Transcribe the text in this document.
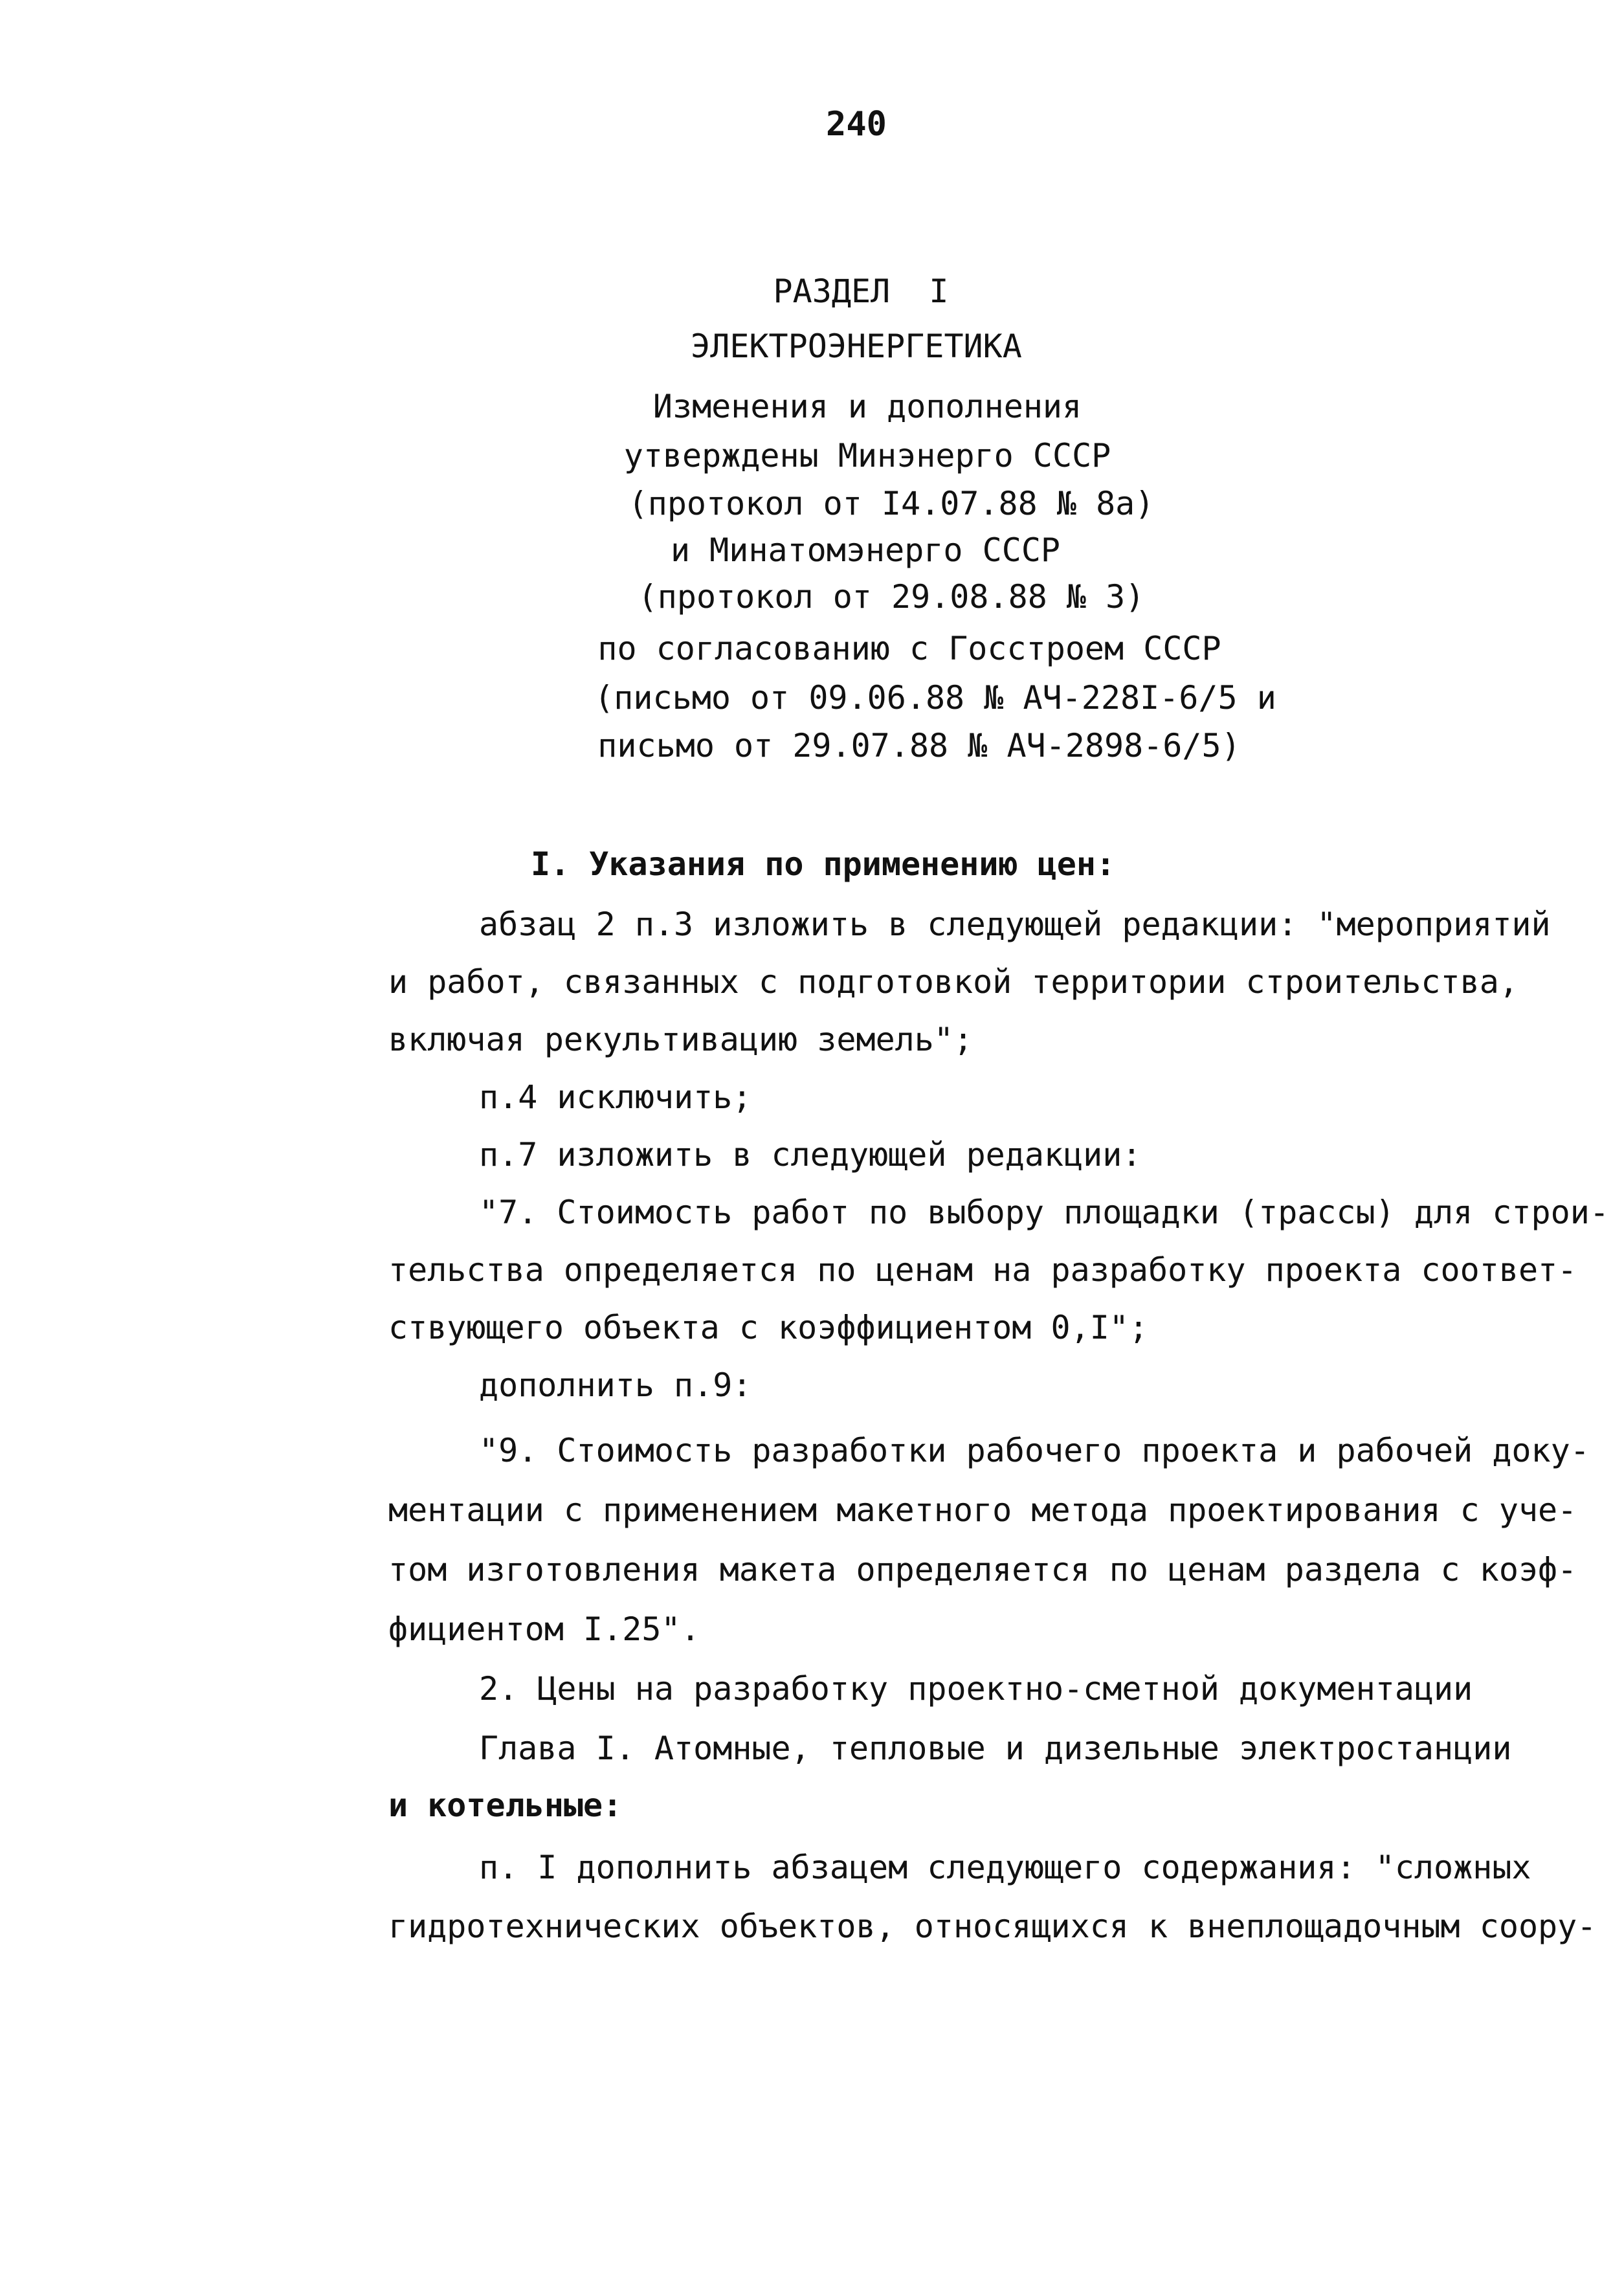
240
РАЗДЕЛ  I
ЭЛЕКТРОЭНЕРГЕТИКА
Изменения и дополнения
утверждены Минэнерго СССР
(протокол от I4.07.88 № 8а)
и Минатомэнерго СССР
(протокол от 29.08.88 № 3)
по согласованию с Госстроем СССР
(письмо от 09.06.88 № АЧ-228I-6/5 и
письмо от 29.07.88 № АЧ-2898-6/5)
I. Указания по применению цен:
абзац 2 п.3 изложить в следующей редакции: "мероприятий
и работ, связанных с подготовкой территории строительства,
включая рекультивацию земель";
п.4 исключить;
п.7 изложить в следующей редакции:
"7. Стоимость работ по выбору площадки (трассы) для строи-
тельства определяется по ценам на разработку проекта соответ-
ствующего объекта с коэффициентом 0,I";
дополнить п.9:
"9. Стоимость разработки рабочего проекта и рабочей доку-
ментации с применением макетного метода проектирования с уче-
том изготовления макета определяется по ценам раздела с коэф-
фициентом I.25".
2. Цены на разработку проектно-сметной документации
Глава I. Атомные, тепловые и дизельные электростанции
и котельные:
п. I дополнить абзацем следующего содержания: "сложных
гидротехнических объектов, относящихся к внеплощадочным соору-
